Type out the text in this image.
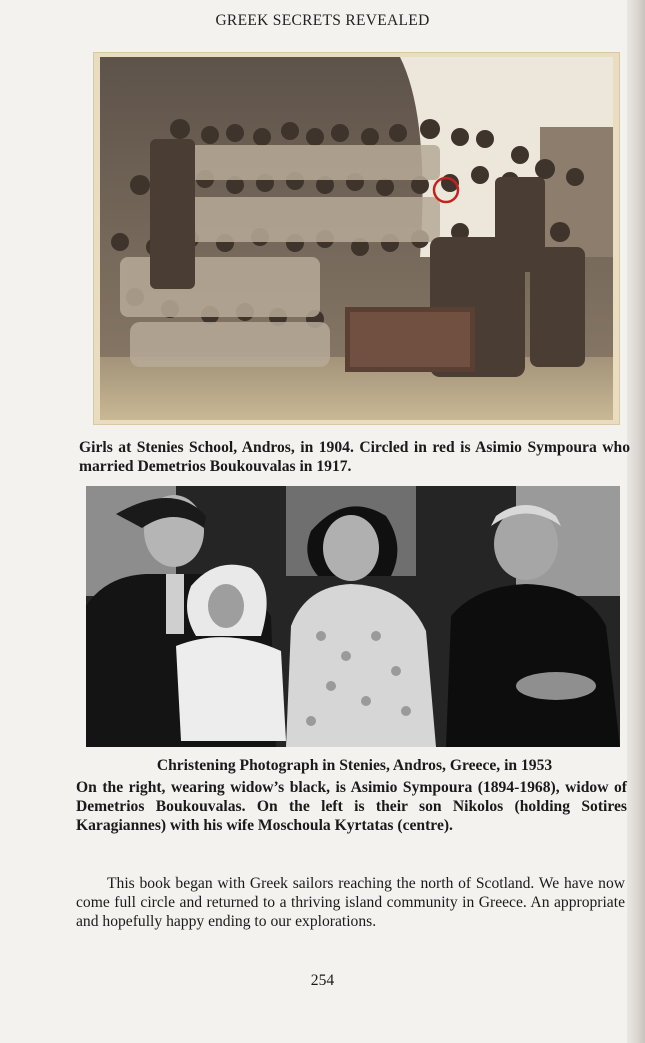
GREEK SECRETS REVEALED

Girls at Stenies School, Andros, in 1904. Circled in red is Asimio Sympoura who married Demetrios Boukouvalas in 1917.

Christening Photograph in Stenies, Andros, Greece, in 1953

On the right, wearing widow’s black, is Asimio Sympoura (1894-1968), widow of Demetrios Boukouvalas. On the left is their son Nikolos (holding Sotires Karagiannes) with his wife Moschoula Kyrtatas (centre).

This book began with Greek sailors reaching the north of Scotland. We have now come full circle and returned to a thriving island community in Greece. An appropriate and hopefully happy ending to our explorations.

254
